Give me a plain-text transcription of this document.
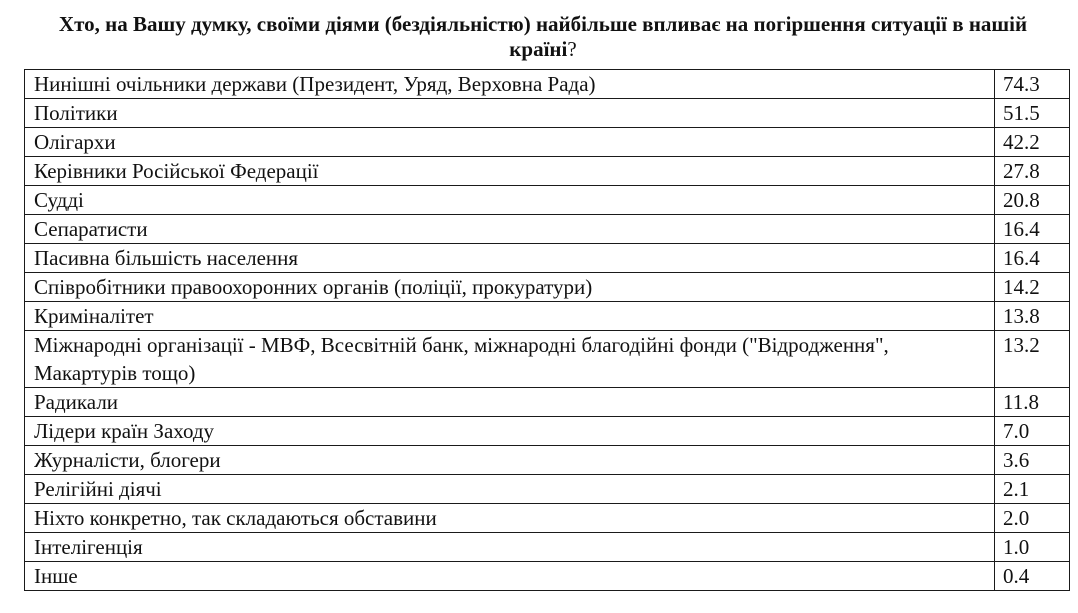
Хто, на Вашу думку, своїми діями (бездіяльністю) найбільше впливає на погіршення ситуації в нашій країні?
Нинішні очільники держави (Президент, Уряд, Верховна Рада)	74.3
Політики	51.5
Олігархи	42.2
Керівники Російської Федерації	27.8
Судді	20.8
Сепаратисти	16.4
Пасивна більшість населення	16.4
Співробітники правоохоронних органів (поліції, прокуратури)	14.2
Криміналітет	13.8
Міжнародні організації - МВФ, Всесвітній банк, міжнародні благодійні фонди ("Відродження", Макартурів тощо)	13.2
Радикали	11.8
Лідери країн Заходу	7.0
Журналісти, блогери	3.6
Релігійні діячі	2.1
Ніхто конкретно, так складаються обставини	2.0
Інтелігенція	1.0
Інше	0.4
